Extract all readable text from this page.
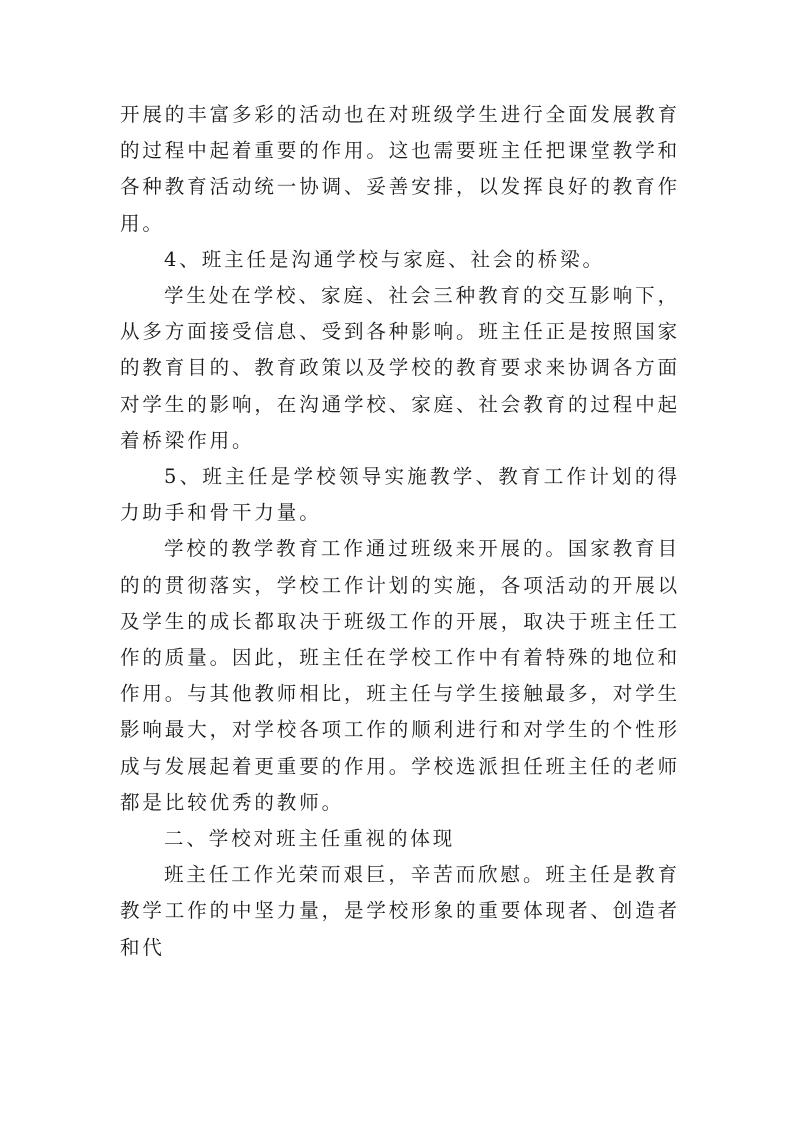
开展的丰富多彩的活动也在对班级学生进行全面发展教育的过程中起着重要的作用。这也需要班主任把课堂教学和各种教育活动统一协调、妥善安排，以发挥良好的教育作用。

4、班主任是沟通学校与家庭、社会的桥梁。

学生处在学校、家庭、社会三种教育的交互影响下，从多方面接受信息、受到各种影响。班主任正是按照国家的教育目的、教育政策以及学校的教育要求来协调各方面对学生的影响，在沟通学校、家庭、社会教育的过程中起着桥梁作用。

5、班主任是学校领导实施教学、教育工作计划的得力助手和骨干力量。

学校的教学教育工作通过班级来开展的。国家教育目的的贯彻落实，学校工作计划的实施，各项活动的开展以及学生的成长都取决于班级工作的开展，取决于班主任工作的质量。因此，班主任在学校工作中有着特殊的地位和作用。与其他教师相比，班主任与学生接触最多，对学生影响最大，对学校各项工作的顺利进行和对学生的个性形成与发展起着更重要的作用。学校选派担任班主任的老师都是比较优秀的教师。

二、学校对班主任重视的体现

班主任工作光荣而艰巨，辛苦而欣慰。班主任是教育教学工作的中坚力量，是学校形象的重要体现者、创造者和代
